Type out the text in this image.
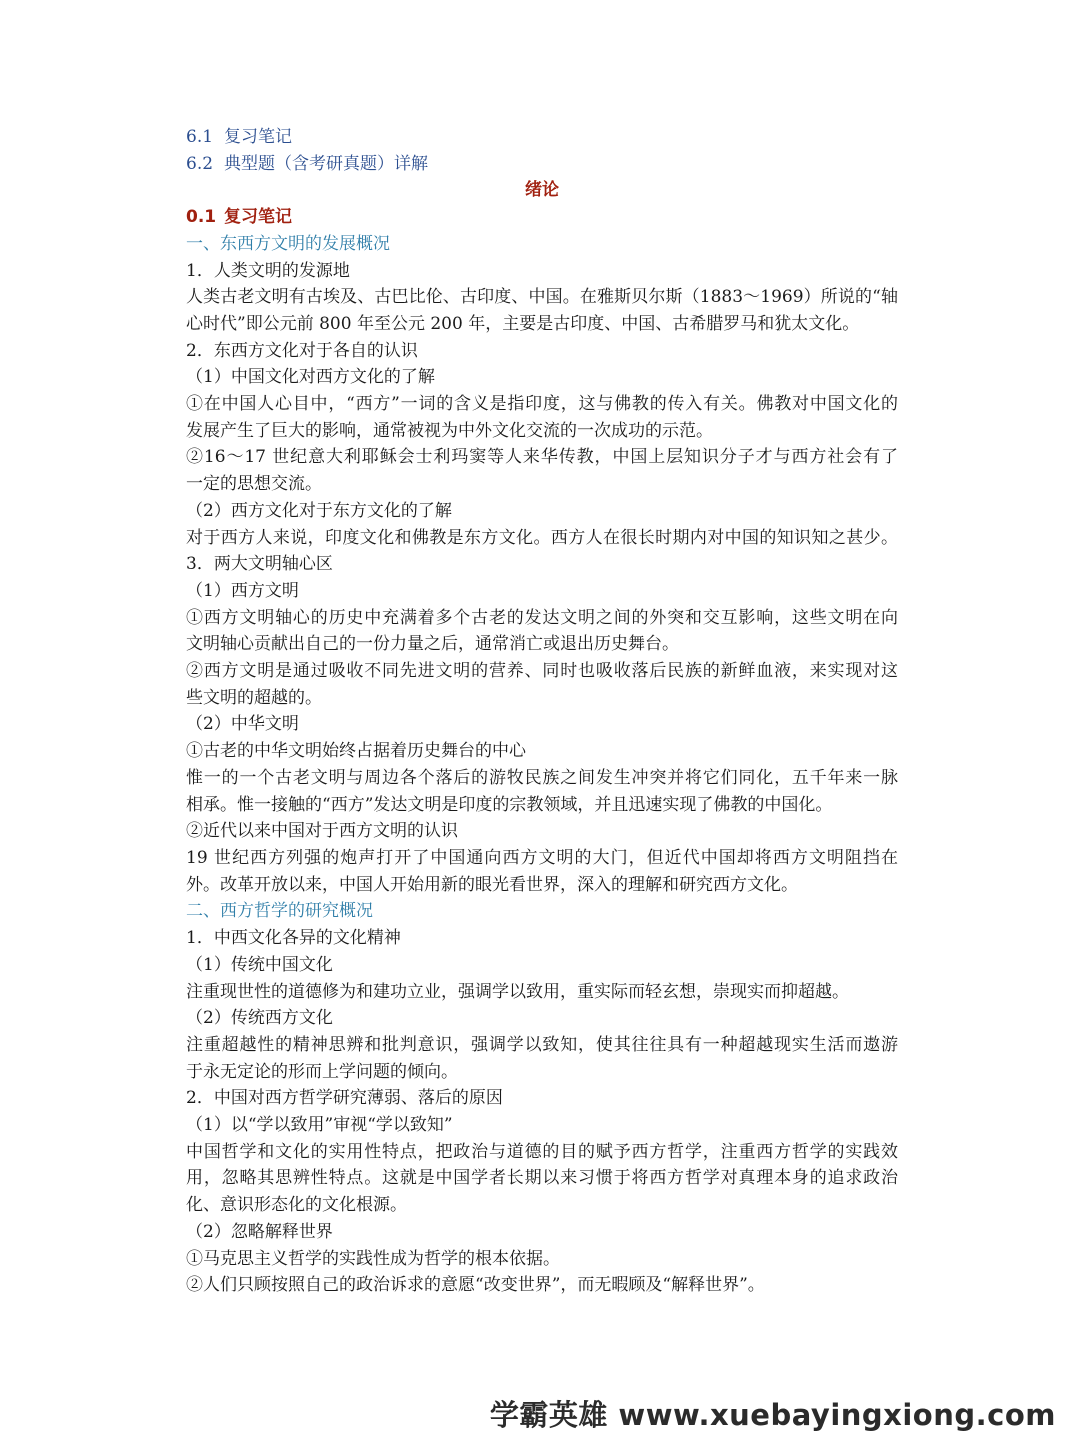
6.1 复习笔记
6.2 典型题（含考研真题）详解
绪论
0.1 复习笔记
一、东西方文明的发展概况
1．人类文明的发源地
人类古老文明有古埃及、古巴比伦、古印度、中国。在雅斯贝尔斯（1883～1969）所说的“轴
心时代”即公元前 800 年至公元 200 年，主要是古印度、中国、古希腊罗马和犹太文化。
2．东西方文化对于各自的认识
（1）中国文化对西方文化的了解
①在中国人心目中，“西方”一词的含义是指印度，这与佛教的传入有关。佛教对中国文化的
发展产生了巨大的影响，通常被视为中外文化交流的一次成功的示范。
②16～17 世纪意大利耶稣会士利玛窦等人来华传教，中国上层知识分子才与西方社会有了
一定的思想交流。
（2）西方文化对于东方文化的了解
对于西方人来说，印度文化和佛教是东方文化。西方人在很长时期内对中国的知识知之甚少。
3．两大文明轴心区
（1）西方文明
①西方文明轴心的历史中充满着多个古老的发达文明之间的外突和交互影响，这些文明在向
文明轴心贡献出自己的一份力量之后，通常消亡或退出历史舞台。
②西方文明是通过吸收不同先进文明的营养、同时也吸收落后民族的新鲜血液，来实现对这
些文明的超越的。
（2）中华文明
①古老的中华文明始终占据着历史舞台的中心
惟一的一个古老文明与周边各个落后的游牧民族之间发生冲突并将它们同化，五千年来一脉
相承。惟一接触的“西方”发达文明是印度的宗教领域，并且迅速实现了佛教的中国化。
②近代以来中国对于西方文明的认识
19 世纪西方列强的炮声打开了中国通向西方文明的大门，但近代中国却将西方文明阻挡在
外。改革开放以来，中国人开始用新的眼光看世界，深入的理解和研究西方文化。
二、西方哲学的研究概况
1．中西文化各异的文化精神
（1）传统中国文化
注重现世性的道德修为和建功立业，强调学以致用，重实际而轻玄想，崇现实而抑超越。
（2）传统西方文化
注重超越性的精神思辨和批判意识，强调学以致知，使其往往具有一种超越现实生活而遨游
于永无定论的形而上学问题的倾向。
2．中国对西方哲学研究薄弱、落后的原因
（1）以“学以致用”审视“学以致知”
中国哲学和文化的实用性特点，把政治与道德的目的赋予西方哲学，注重西方哲学的实践效
用，忽略其思辨性特点。这就是中国学者长期以来习惯于将西方哲学对真理本身的追求政治
化、意识形态化的文化根源。
（2）忽略解释世界
①马克思主义哲学的实践性成为哲学的根本依据。
②人们只顾按照自己的政治诉求的意愿“改变世界”，而无暇顾及“解释世界”。
学霸英雄 www.xuebayingxiong.com
